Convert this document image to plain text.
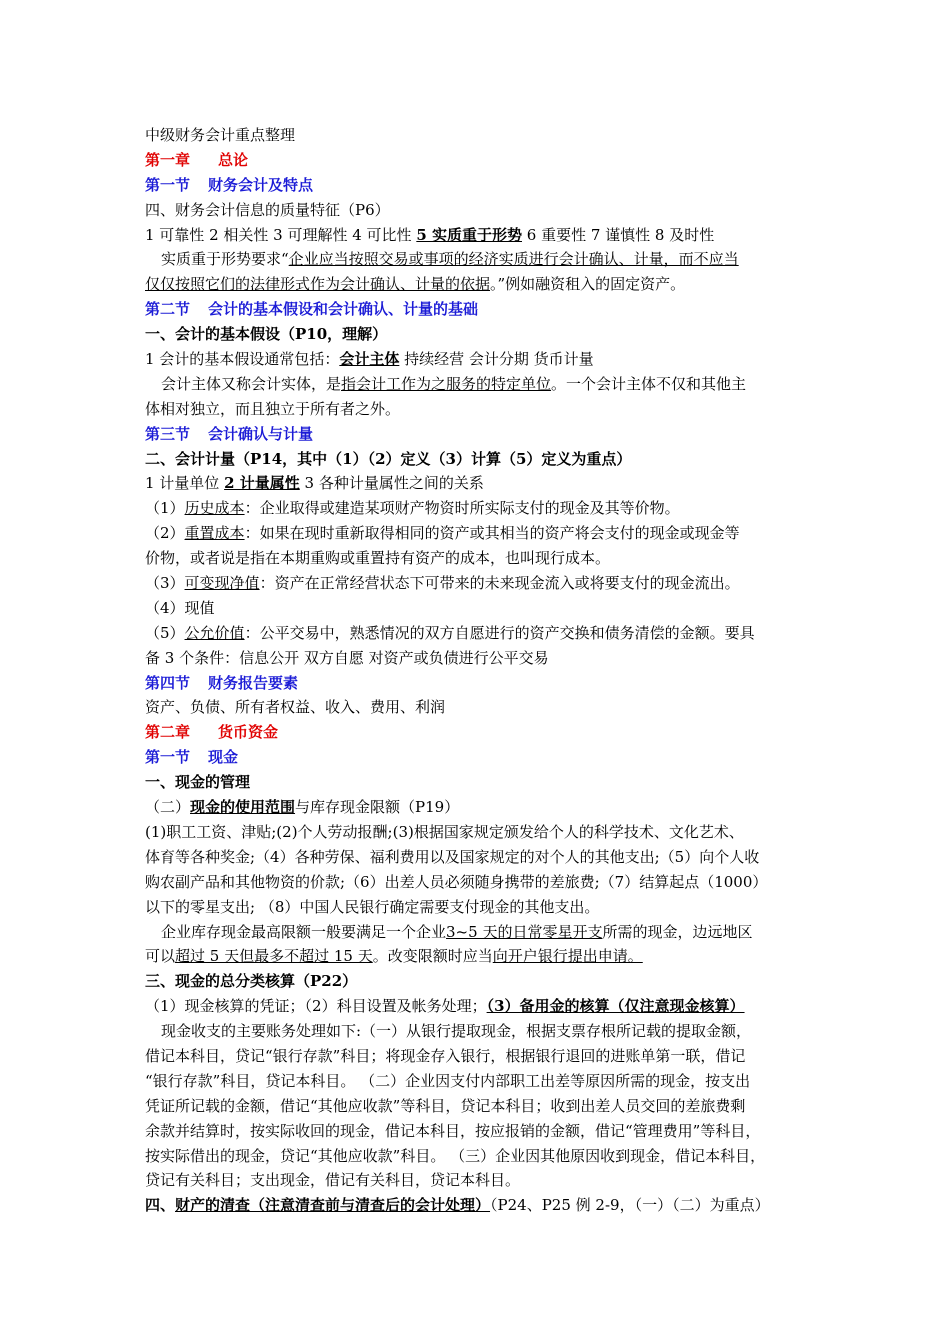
中级财务会计重点整理
第一章 总论
第一节 财务会计及特点
四、财务会计信息的质量特征（P6）
1 可靠性 2 相关性 3 可理解性 4 可比性 5 实质重于形势 6 重要性 7 谨慎性 8 及时性
实质重于形势要求“企业应当按照交易或事项的经济实质进行会计确认、计量，而不应当
仅仅按照它们的法律形式作为会计确认、计量的依据。”例如融资租入的固定资产。
第二节 会计的基本假设和会计确认、计量的基础
一、会计的基本假设（P10，理解）
1 会计的基本假设通常包括：会计主体 持续经营 会计分期 货币计量
会计主体又称会计实体，是指会计工作为之服务的特定单位。一个会计主体不仅和其他主
体相对独立，而且独立于所有者之外。
第三节 会计确认与计量
二、会计计量（P14，其中（1）（2）定义（3）计算（5）定义为重点）
1 计量单位 2 计量属性 3 各种计量属性之间的关系
（1）历史成本：企业取得或建造某项财产物资时所实际支付的现金及其等价物。
（2）重置成本：如果在现时重新取得相同的资产或其相当的资产将会支付的现金或现金等
价物，或者说是指在本期重购或重置持有资产的成本，也叫现行成本。
（3）可变现净值：资产在正常经营状态下可带来的未来现金流入或将要支付的现金流出。
（4）现值
（5）公允价值：公平交易中，熟悉情况的双方自愿进行的资产交换和债务清偿的金额。要具
备 3 个条件：信息公开 双方自愿 对资产或负债进行公平交易
第四节 财务报告要素
资产、负债、所有者权益、收入、费用、利润
第二章 货币资金
第一节 现金
一、现金的管理
（二）现金的使用范围与库存现金限额（P19）
(1)职工工资、津贴;(2)个人劳动报酬;(3)根据国家规定颁发给个人的科学技术、文化艺术、
体育等各种奖金;（4）各种劳保、福利费用以及国家规定的对个人的其他支出;（5）向个人收
购农副产品和其他物资的价款;（6）出差人员必须随身携带的差旅费;（7）结算起点（1000）
以下的零星支出; （8）中国人民银行确定需要支付现金的其他支出。
企业库存现金最高限额一般要满足一个企业3~5 天的日常零星开支所需的现金，边远地区
可以超过 5 天但最多不超过 15 天。改变限额时应当向开户银行提出申请。
三、现金的总分类核算（P22）
（1）现金核算的凭证；（2）科目设置及帐务处理；（3）备用金的核算（仅注意现金核算）
现金收支的主要账务处理如下:（一）从银行提取现金，根据支票存根所记载的提取金额，
借记本科目，贷记“银行存款”科目；将现金存入银行，根据银行退回的进账单第一联，借记
“银行存款”科目，贷记本科目。 （二）企业因支付内部职工出差等原因所需的现金，按支出
凭证所记载的金额，借记“其他应收款”等科目，贷记本科目；收到出差人员交回的差旅费剩
余款并结算时，按实际收回的现金，借记本科目，按应报销的金额，借记“管理费用”等科目，
按实际借出的现金，贷记“其他应收款”科目。 （三）企业因其他原因收到现金，借记本科目，
贷记有关科目；支出现金，借记有关科目，贷记本科目。
四、财产的清查（注意清查前与清查后的会计处理）（P24、P25 例 2-9，（一）（二）为重点）
